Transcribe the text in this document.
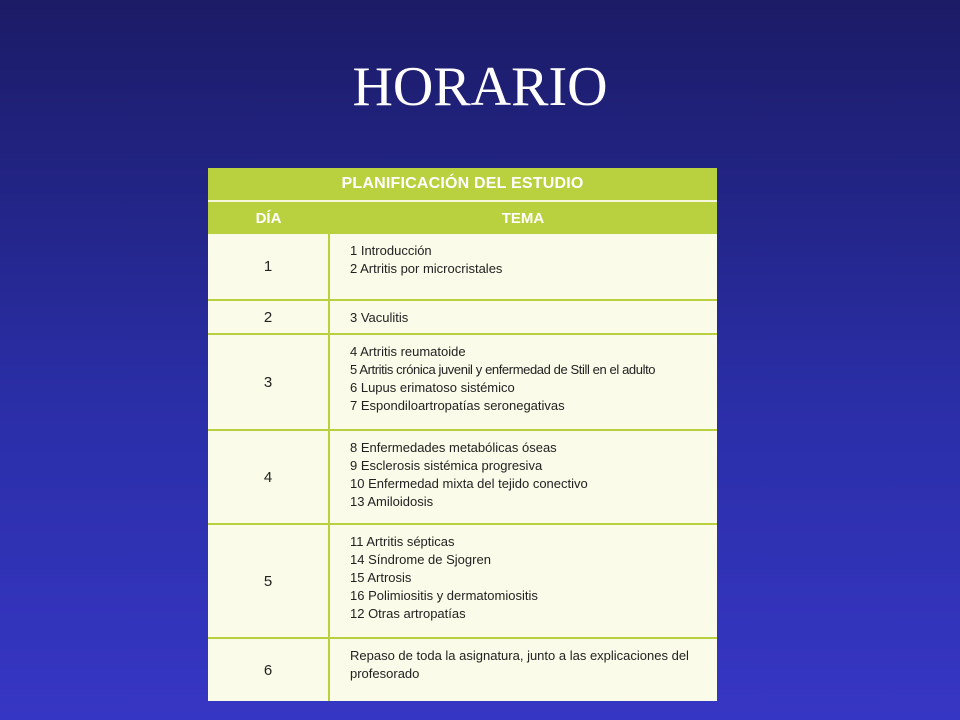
HORARIO
PLANIFICACIÓN DEL ESTUDIO	
DÍA	TEMA
1	1 Introducción
2 Artritis por microcristales

2	3 Vaculitis

3	4 Artritis reumatoide
5 Artritis crónica juvenil y enfermedad de Still en el adulto
6 Lupus erimatoso sistémico
7 Espondiloartropatías seronegativas

4	8 Enfermedades metabólicas óseas
9 Esclerosis sistémica progresiva
10 Enfermedad mixta del tejido conectivo
13 Amiloidosis

5	11 Artritis sépticas
14 Síndrome de Sjogren
15 Artrosis
16 Polimiositis y dermatomiositis
12 Otras artropatías

6	Repaso de toda la asignatura, junto a las explicaciones del profesorado
